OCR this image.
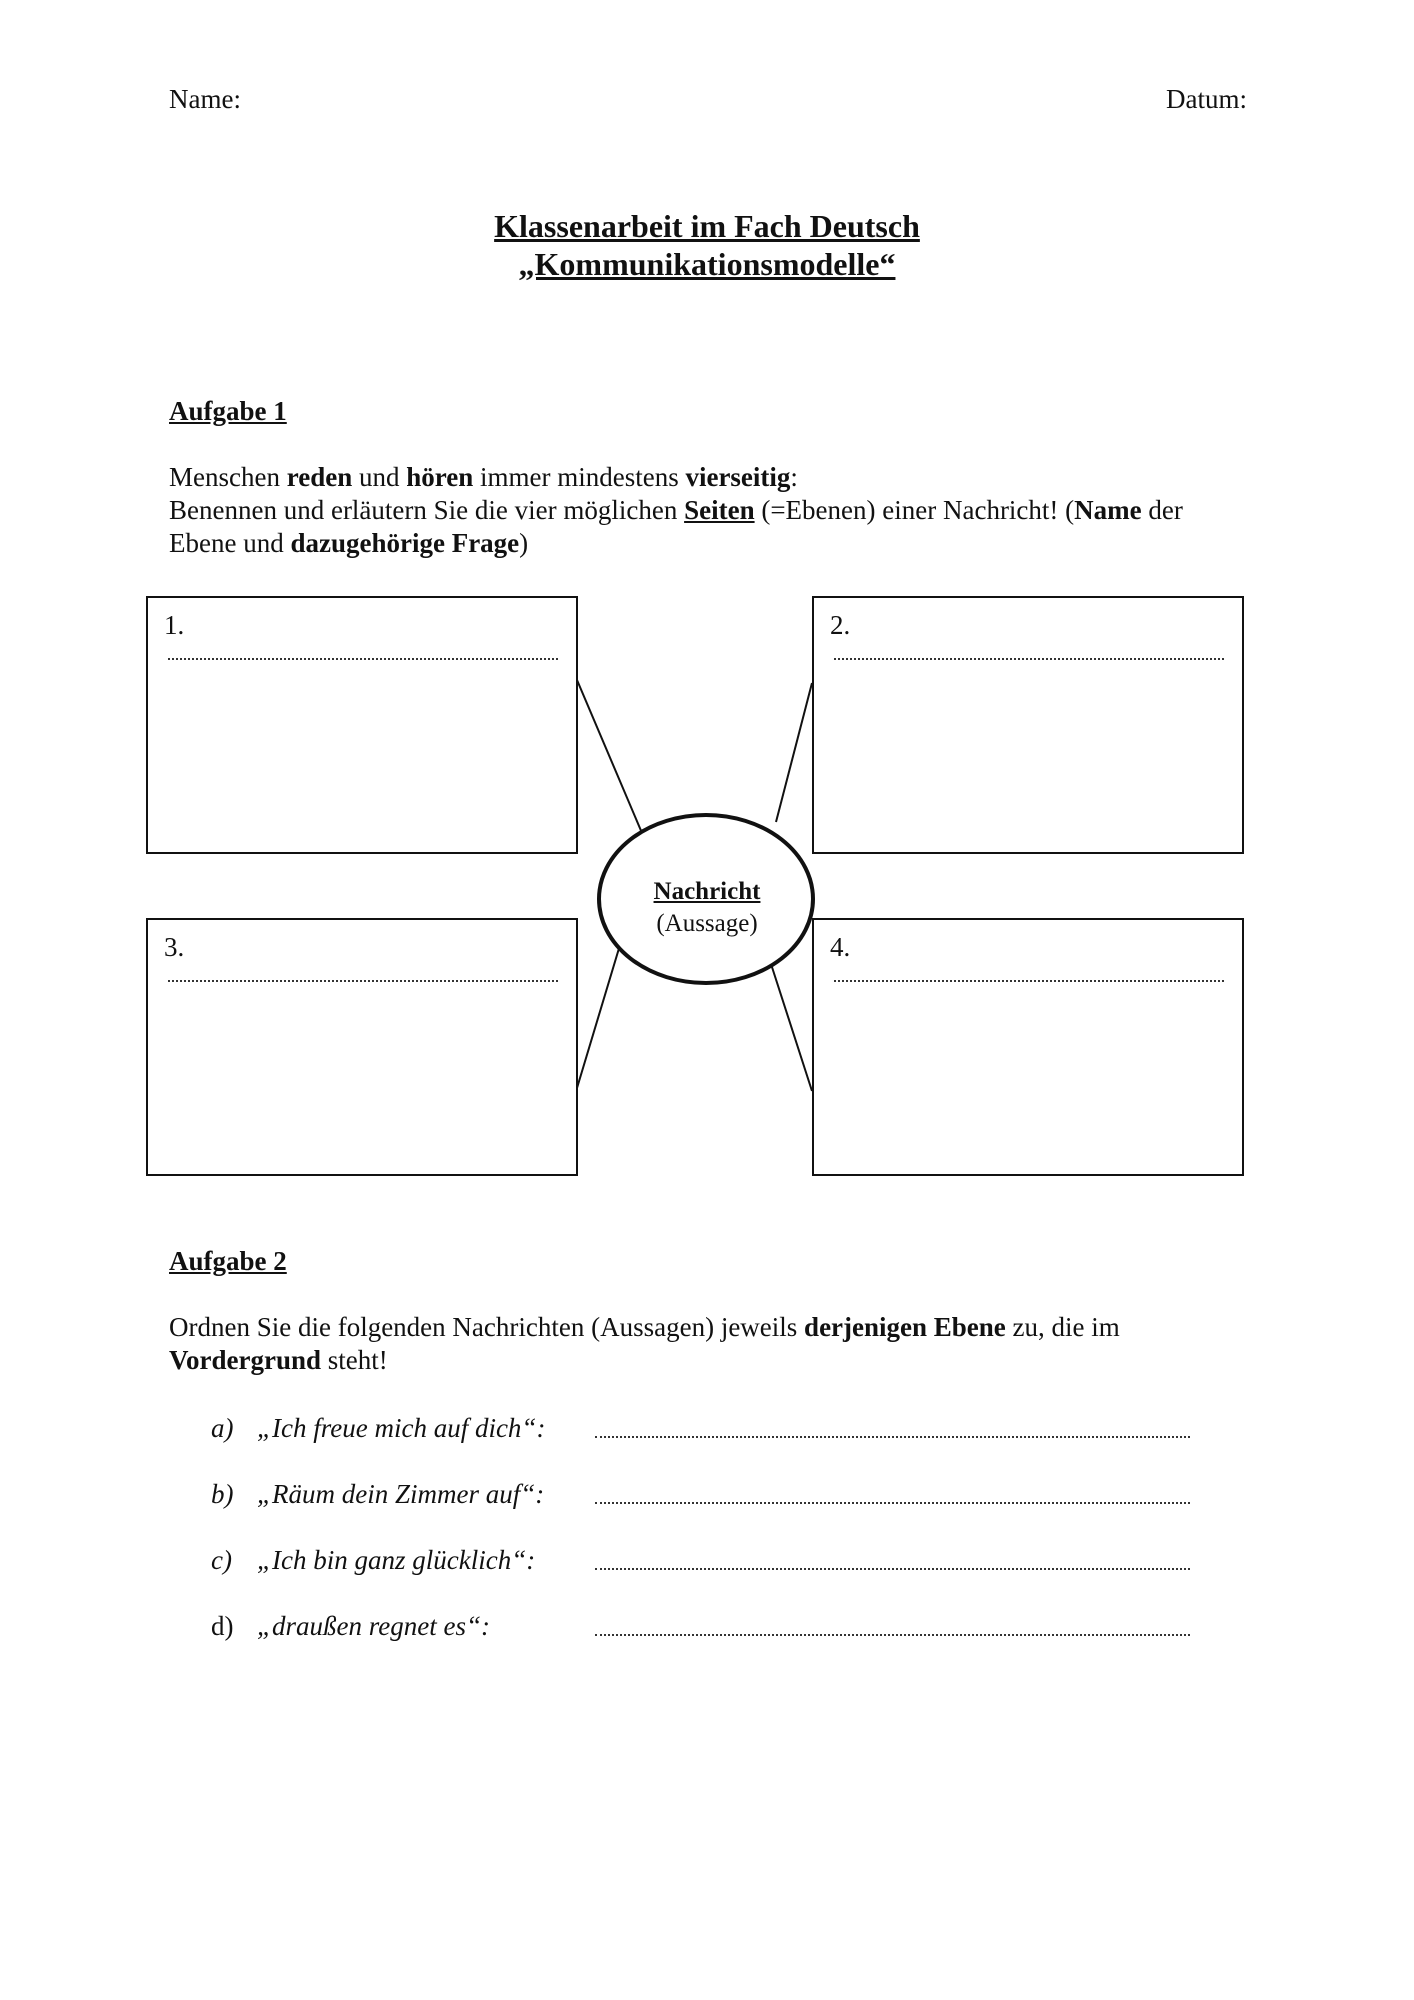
Name:	Datum:
Klassenarbeit im Fach Deutsch
„Kommunikationsmodelle“
Aufgabe 1
Menschen reden und hören immer mindestens vierseitig:
Benennen und erläutern Sie die vier möglichen Seiten (=Ebenen) einer Nachricht! (Name der
Ebene und dazugehörige Frage)
Nachricht
(Aussage)
1.	2.
3.	4.
Aufgabe 2
Ordnen Sie die folgenden Nachrichten (Aussagen) jeweils derjenigen Ebene zu, die im
Vordergrund steht!
a) „Ich freue mich auf dich“:
b) „Räum dein Zimmer auf“:
c) „Ich bin ganz glücklich“:
d) „draußen regnet es“:
